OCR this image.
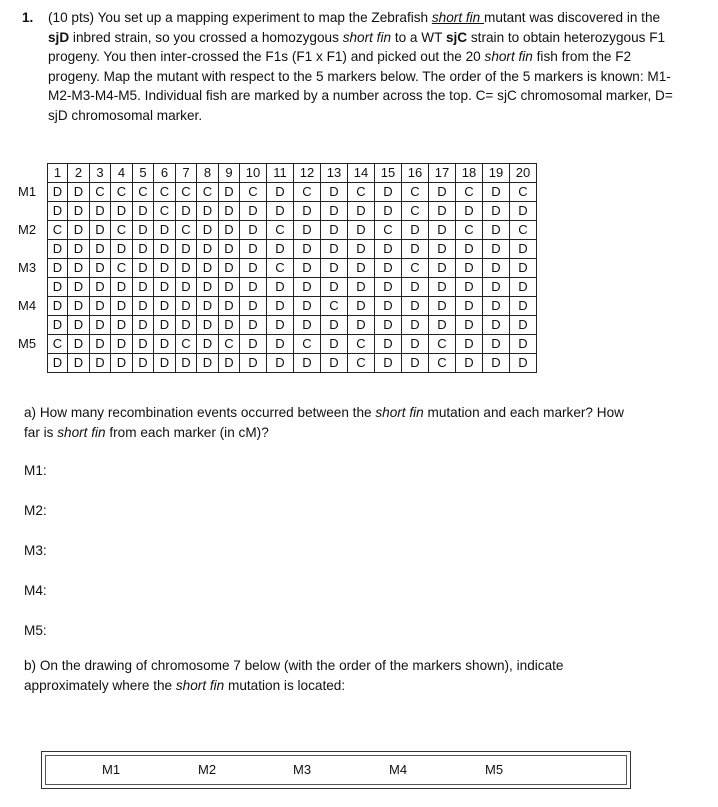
1. (10 pts) You set up a mapping experiment to map the Zebrafish short fin mutant was discovered in the sjD inbred strain, so you crossed a homozygous short fin to a WT sjC strain to obtain heterozygous F1 progeny. You then inter-crossed the F1s (F1 x F1) and picked out the 20 short fin fish from the F2 progeny. Map the mutant with respect to the 5 markers below. The order of the 5 markers is known: M1-M2-M3-M4-M5. Individual fish are marked by a number across the top. C= sjC chromosomal marker, D= sjD chromosomal marker.
	1	2	3	4	5	6	7	8	9	10	11	12	13	14	15	16	17	18	19	20
M1	D	D	C	C	C	C	C	C	D	C	D	C	D	C	D	C	D	C	D	C
	D	D	D	D	D	C	D	D	D	D	D	D	D	D	D	C	D	D	D	D
M2	C	D	D	C	D	D	C	D	D	D	C	D	D	D	C	D	D	C	D	C
	D	D	D	D	D	D	D	D	D	D	D	D	D	D	D	D	D	D	D	D
M3	D	D	D	C	D	D	D	D	D	D	C	D	D	D	D	C	D	D	D	D
	D	D	D	D	D	D	D	D	D	D	D	D	D	D	D	D	D	D	D	D
M4	D	D	D	D	D	D	D	D	D	D	D	D	C	D	D	D	D	D	D	D
	D	D	D	D	D	D	D	D	D	D	D	D	D	D	D	D	D	D	D	D
M5	C	D	D	D	D	D	C	D	C	D	D	C	D	C	D	D	C	D	D	D
	D	D	D	D	D	D	D	D	D	D	D	D	D	C	D	D	C	D	D	D
a) How many recombination events occurred between the short fin mutation and each marker? How far is short fin from each marker (in cM)?
M1:
M2:
M3:
M4:
M5:
b) On the drawing of chromosome 7 below (with the order of the markers shown), indicate approximately where the short fin mutation is located:
M1	M2	M3	M4	M5
